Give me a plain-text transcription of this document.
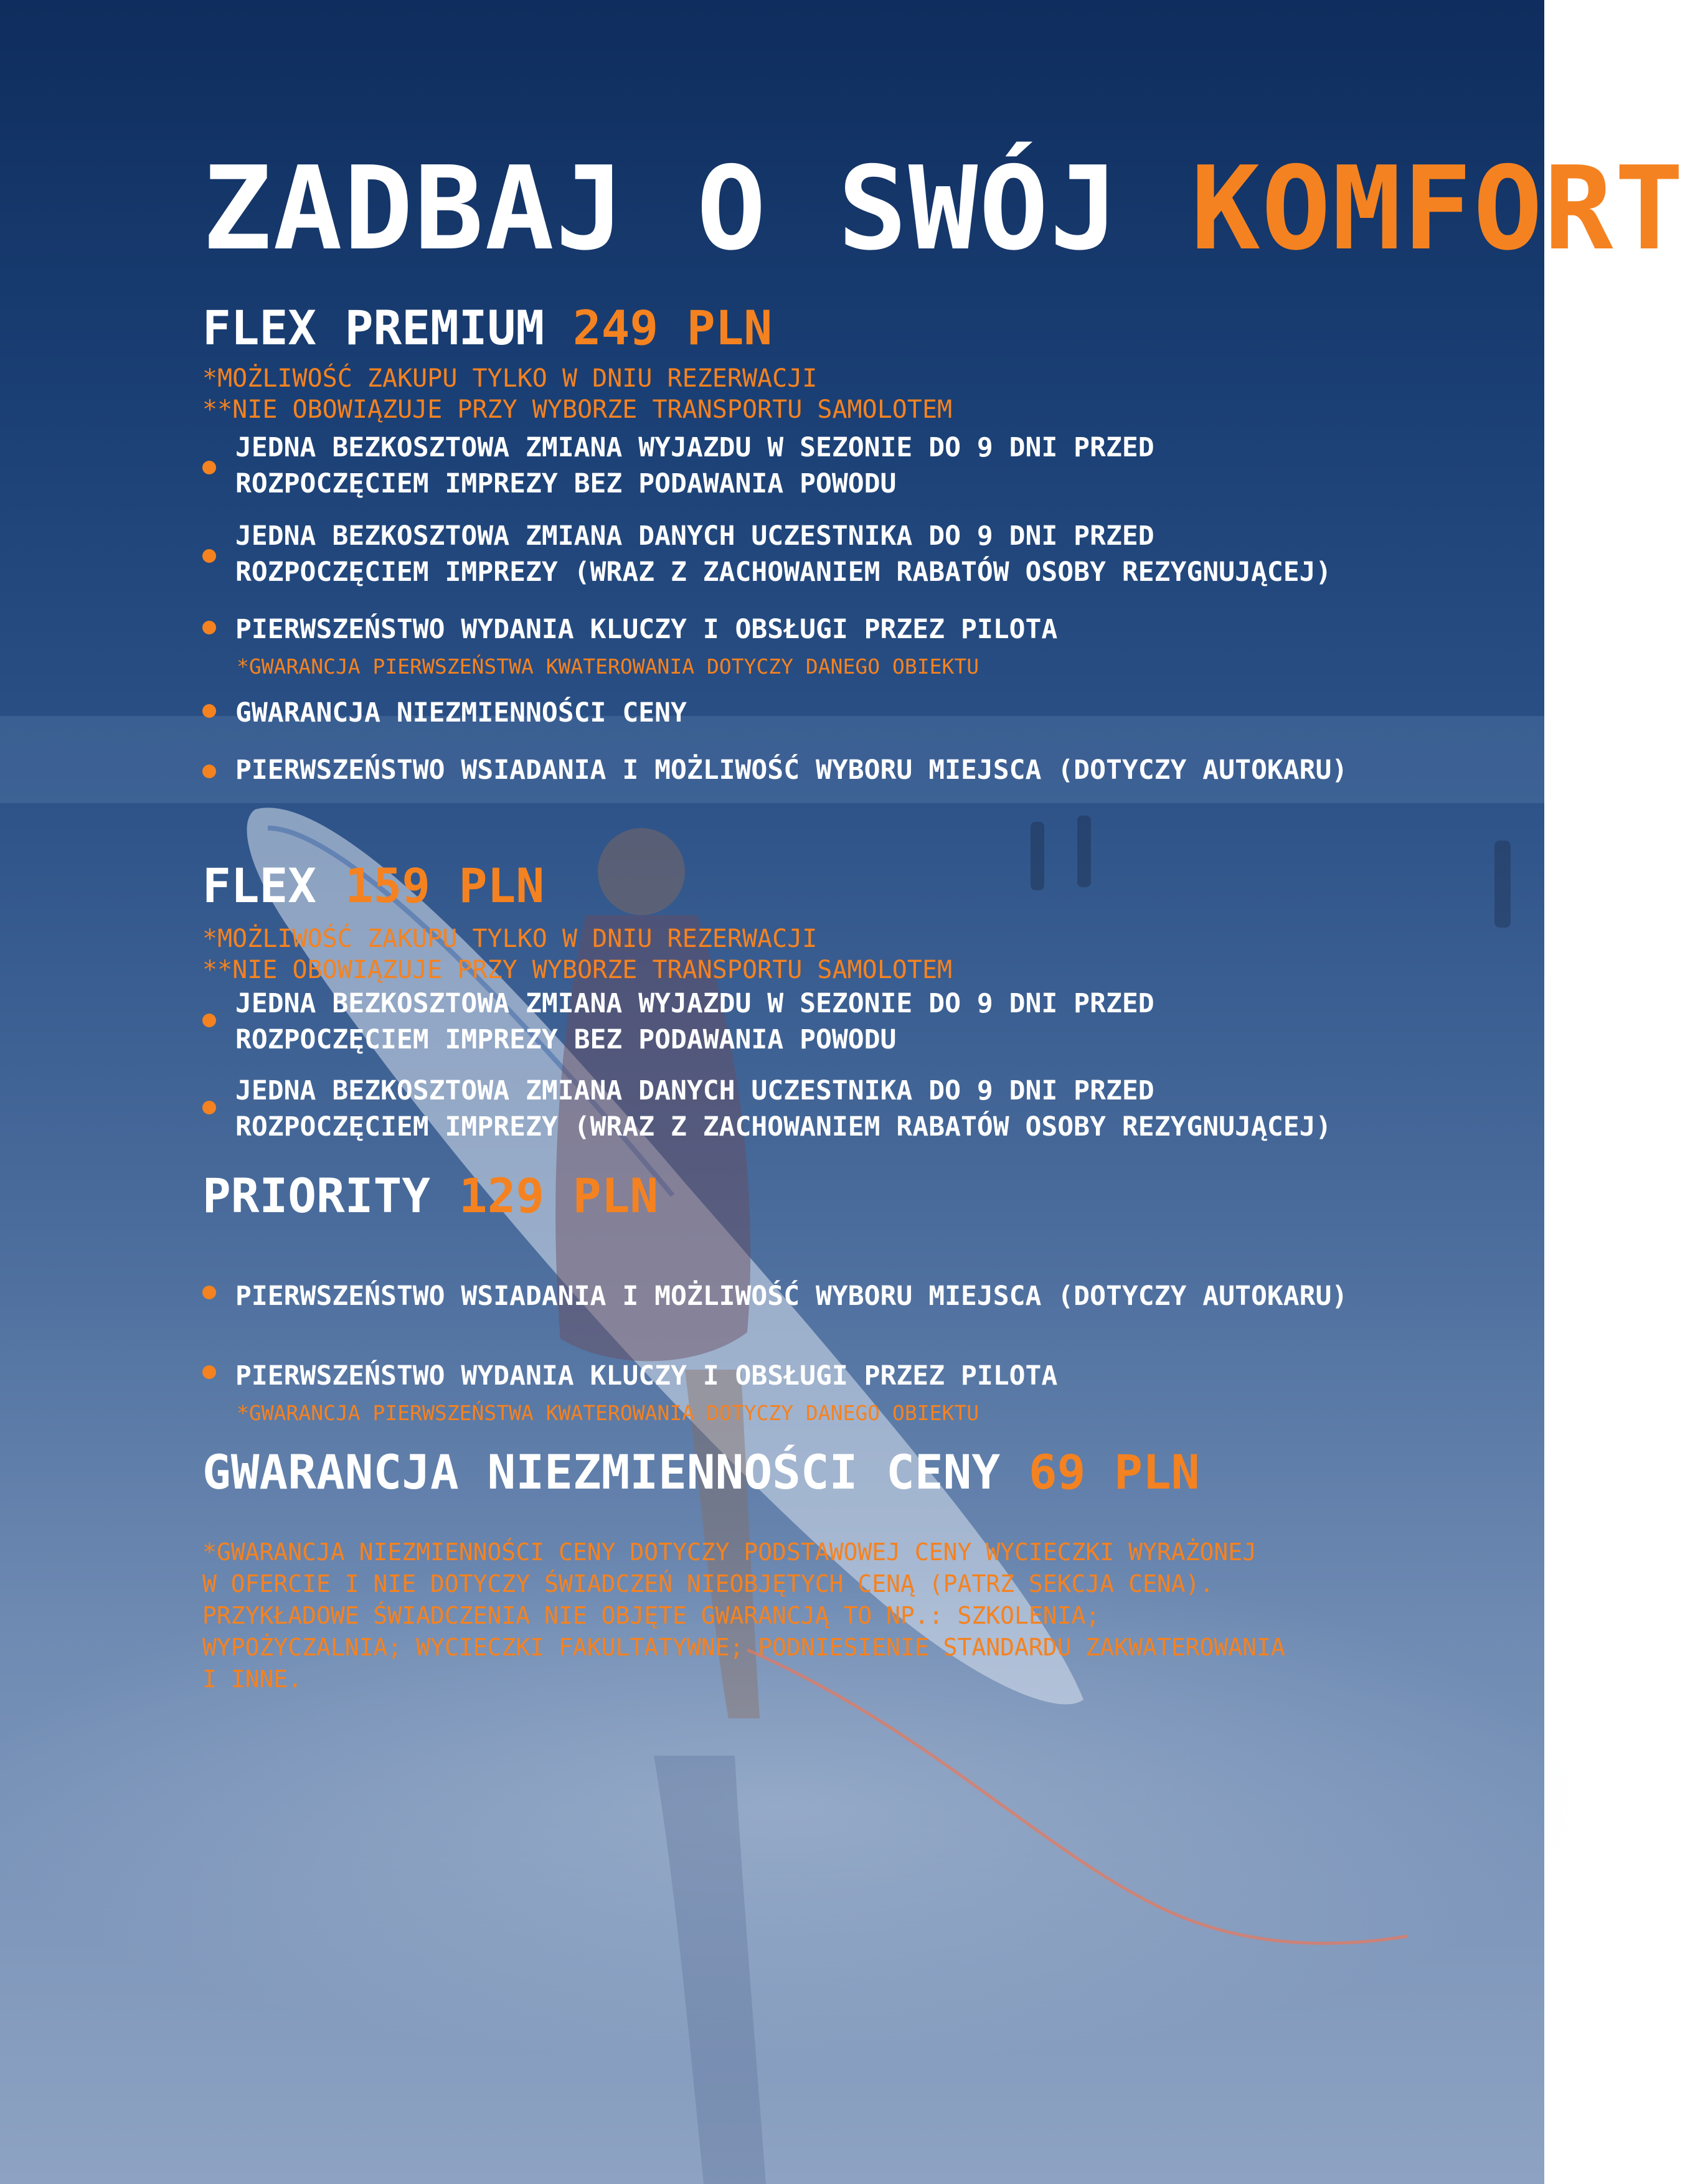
ZADBAJ O SWÓJ KOMFORT
FLEX PREMIUM 249 PLN
*MOŻLIWOŚĆ ZAKUPU TYLKO W DNIU REZERWACJI
**NIE OBOWIĄZUJE PRZY WYBORZE TRANSPORTU SAMOLOTEM
JEDNA BEZKOSZTOWA ZMIANA WYJAZDU W SEZONIE DO 9 DNI PRZED ROZPOCZĘCIEM IMPREZY BEZ PODAWANIA POWODU
JEDNA BEZKOSZTOWA ZMIANA DANYCH UCZESTNIKA DO 9 DNI PRZED ROZPOCZĘCIEM IMPREZY (WRAZ Z ZACHOWANIEM RABATÓW OSOBY REZYGNUJĄCEJ)
PIERWSZEŃSTWO WYDANIA KLUCZY I OBSŁUGI PRZEZ PILOTA
*GWARANCJA PIERWSZEŃSTWA KWATEROWANIA DOTYCZY DANEGO OBIEKTU
GWARANCJA NIEZMIENNOŚCI CENY
PIERWSZEŃSTWO WSIADANIA I MOŻLIWOŚĆ WYBORU MIEJSCA (DOTYCZY AUTOKARU)
FLEX 159 PLN
*MOŻLIWOŚĆ ZAKUPU TYLKO W DNIU REZERWACJI
**NIE OBOWIĄZUJE PRZY WYBORZE TRANSPORTU SAMOLOTEM
JEDNA BEZKOSZTOWA ZMIANA WYJAZDU W SEZONIE DO 9 DNI PRZED ROZPOCZĘCIEM IMPREZY BEZ PODAWANIA POWODU
JEDNA BEZKOSZTOWA ZMIANA DANYCH UCZESTNIKA DO 9 DNI PRZED ROZPOCZĘCIEM IMPREZY (WRAZ Z ZACHOWANIEM RABATÓW OSOBY REZYGNUJĄCEJ)
PRIORITY 129 PLN
PIERWSZEŃSTWO WSIADANIA I MOŻLIWOŚĆ WYBORU MIEJSCA (DOTYCZY AUTOKARU)
PIERWSZEŃSTWO WYDANIA KLUCZY I OBSŁUGI PRZEZ PILOTA
*GWARANCJA PIERWSZEŃSTWA KWATEROWANIA DOTYCZY DANEGO OBIEKTU
GWARANCJA NIEZMIENNOŚCI CENY 69 PLN
*GWARANCJA NIEZMIENNOŚCI CENY DOTYCZY PODSTAWOWEJ CENY WYCIECZKI WYRAŻONEJ
W OFERCIE I NIE DOTYCZY ŚWIADCZEŃ NIEOBJĘTYCH CENĄ (PATRZ SEKCJA CENA).
PRZYKŁADOWE ŚWIADCZENIA NIE OBJĘTE GWARANCJĄ TO NP.: SZKOLENIA;
WYPOŻYCZALNIA; WYCIECZKI FAKULTATYWNE; PODNIESIENIE STANDARDU ZAKWATEROWANIA
I INNE.
